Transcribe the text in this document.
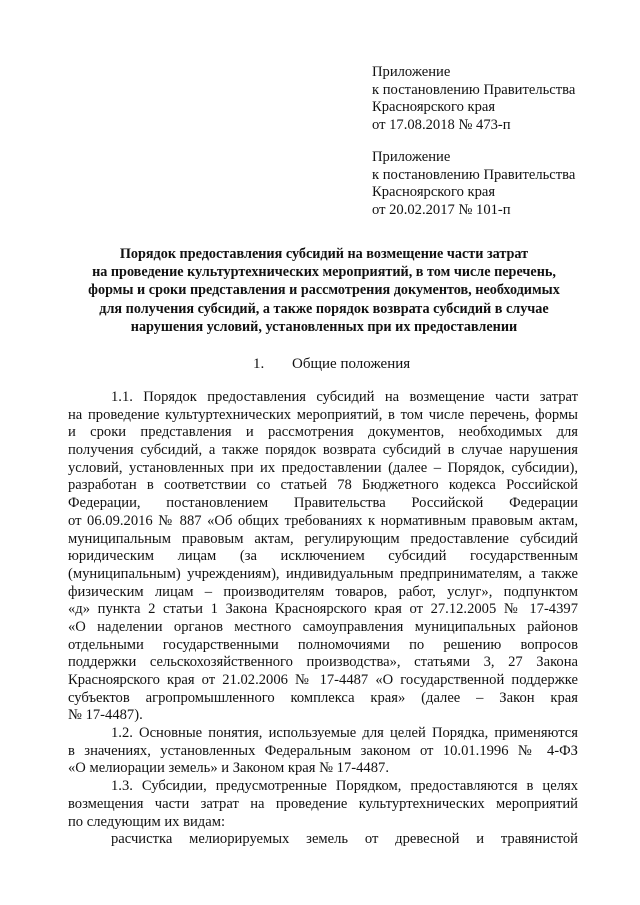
Приложение
к постановлению Правительства
Красноярского края
от 17.08.2018 № 473-п
Приложение
к постановлению Правительства
Красноярского края
от 20.02.2017 № 101-п
Порядок предоставления субсидий на возмещение части затрат
на проведение культуртехнических мероприятий, в том числе перечень,
формы и сроки представления и рассмотрения документов, необходимых
для получения субсидий, а также порядок возврата субсидий в случае
нарушения условий, установленных при их предоставлении
1. Общие положения
1.1. Порядок предоставления субсидий на возмещение части затрат
на проведение культуртехнических мероприятий, в том числе перечень, формы
и сроки представления и рассмотрения документов, необходимых для
получения субсидий, а также порядок возврата субсидий в случае нарушения
условий, установленных при их предоставлении (далее – Порядок, субсидии),
разработан в соответствии со статьей 78 Бюджетного кодекса Российской
Федерации, постановлением Правительства Российской Федерации
от 06.09.2016 № 887 «Об общих требованиях к нормативным правовым актам,
муниципальным правовым актам, регулирующим предоставление субсидий
юридическим лицам (за исключением субсидий государственным
(муниципальным) учреждениям), индивидуальным предпринимателям, а также
физическим лицам – производителям товаров, работ, услуг», подпунктом
«д» пункта 2 статьи 1 Закона Красноярского края от 27.12.2005 № 17-4397
«О наделении органов местного самоуправления муниципальных районов
отдельными государственными полномочиями по решению вопросов
поддержки сельскохозяйственного производства», статьями 3, 27 Закона
Красноярского края от 21.02.2006 № 17-4487 «О государственной поддержке
субъектов агропромышленного комплекса края» (далее – Закон края
№ 17-4487).
1.2. Основные понятия, используемые для целей Порядка, применяются
в значениях, установленных Федеральным законом от 10.01.1996 № 4-ФЗ
«О мелиорации земель» и Законом края № 17-4487.
1.3. Субсидии, предусмотренные Порядком, предоставляются в целях
возмещения части затрат на проведение культуртехнических мероприятий
по следующим их видам:
расчистка мелиорируемых земель от древесной и травянистой
